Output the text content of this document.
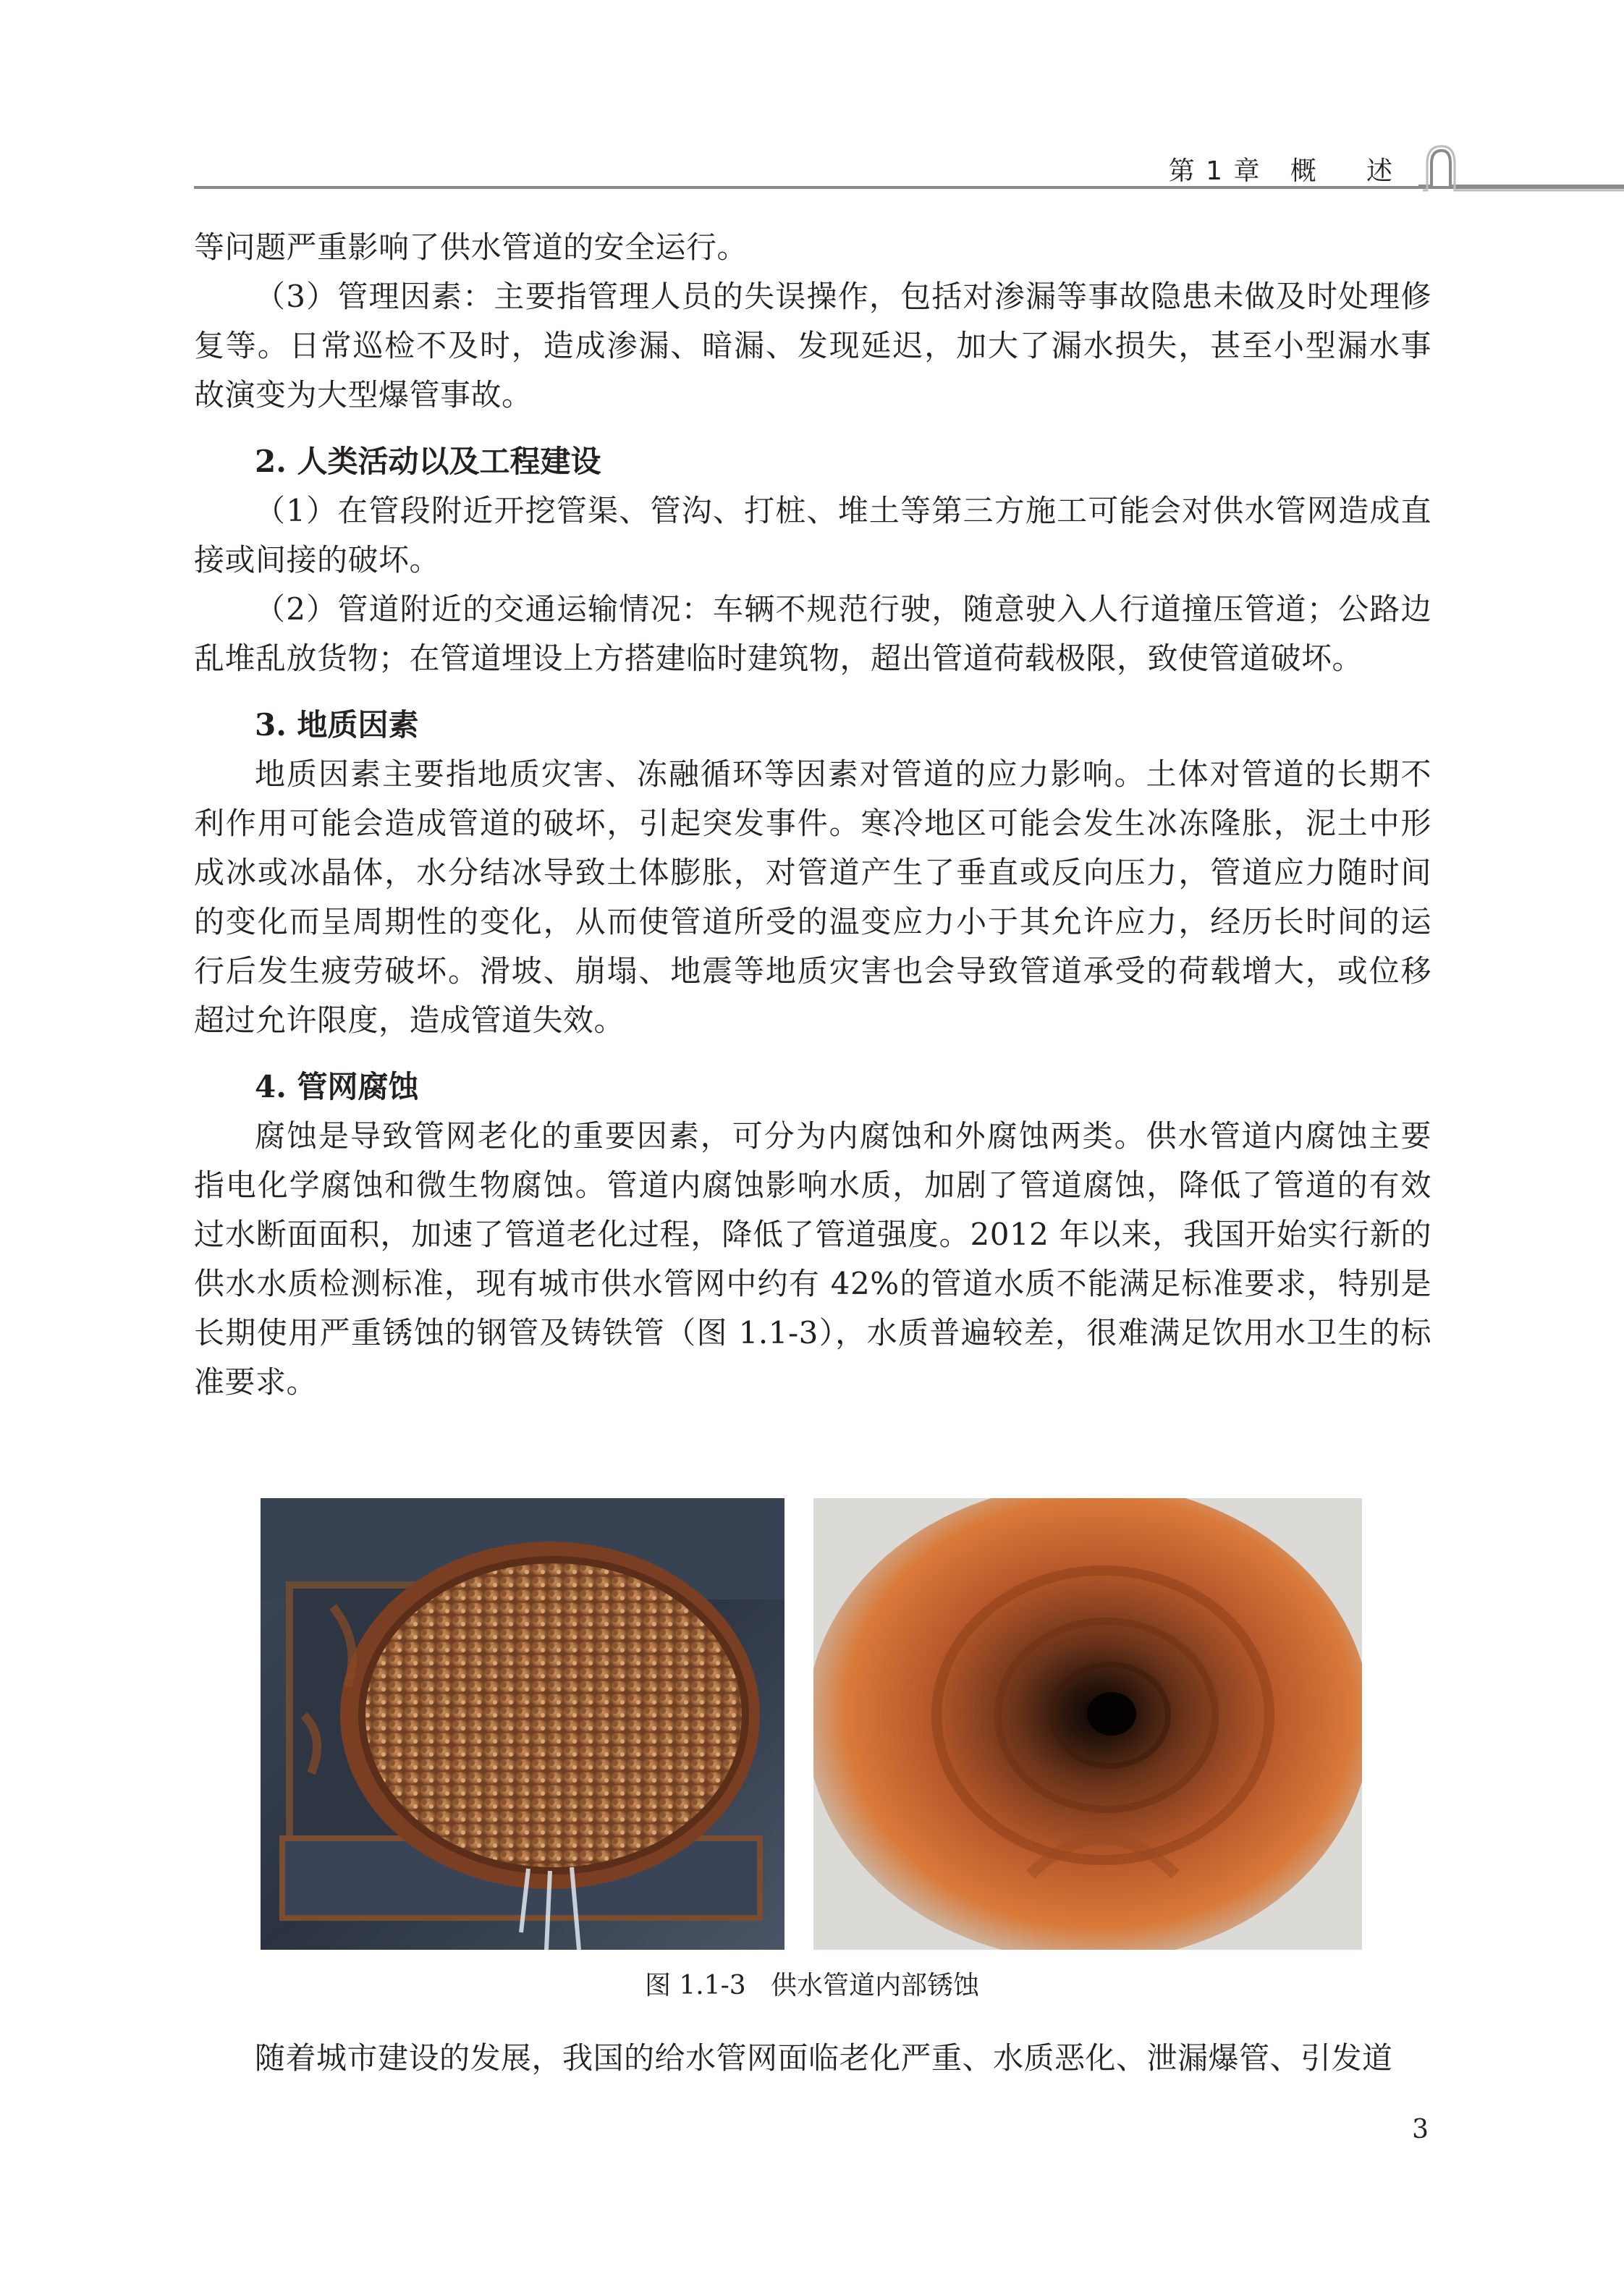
第 1 章   概     述

等问题严重影响了供水管道的安全运行。

（3）管理因素：主要指管理人员的失误操作，包括对渗漏等事故隐患未做及时处理修

复等。日常巡检不及时，造成渗漏、暗漏、发现延迟，加大了漏水损失，甚至小型漏水事

故演变为大型爆管事故。

2. 人类活动以及工程建设

（1）在管段附近开挖管渠、管沟、打桩、堆土等第三方施工可能会对供水管网造成直

接或间接的破坏。

（2）管道附近的交通运输情况：车辆不规范行驶，随意驶入人行道撞压管道；公路边

乱堆乱放货物；在管道埋设上方搭建临时建筑物，超出管道荷载极限，致使管道破坏。

3. 地质因素

地质因素主要指地质灾害、冻融循环等因素对管道的应力影响。土体对管道的长期不

利作用可能会造成管道的破坏，引起突发事件。寒冷地区可能会发生冰冻隆胀，泥土中形

成冰或冰晶体，水分结冰导致土体膨胀，对管道产生了垂直或反向压力，管道应力随时间

的变化而呈周期性的变化，从而使管道所受的温变应力小于其允许应力，经历长时间的运

行后发生疲劳破坏。滑坡、崩塌、地震等地质灾害也会导致管道承受的荷载增大，或位移

超过允许限度，造成管道失效。

4. 管网腐蚀

腐蚀是导致管网老化的重要因素，可分为内腐蚀和外腐蚀两类。供水管道内腐蚀主要

指电化学腐蚀和微生物腐蚀。管道内腐蚀影响水质，加剧了管道腐蚀，降低了管道的有效

过水断面面积，加速了管道老化过程，降低了管道强度。2012 年以来，我国开始实行新的

供水水质检测标准，现有城市供水管网中约有 42%的管道水质不能满足标准要求，特别是

长期使用严重锈蚀的钢管及铸铁管（图 1.1-3），水质普遍较差，很难满足饮用水卫生的标

准要求。

图 1.1-3   供水管道内部锈蚀

随着城市建设的发展，我国的给水管网面临老化严重、水质恶化、泄漏爆管、引发道

3
